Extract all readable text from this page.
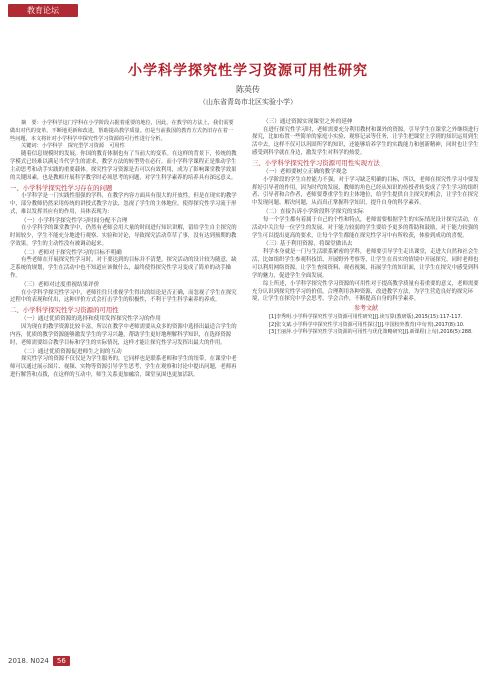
教育论坛
小学科学探究性学习资源可用性研究
陈英传
（山东省青岛市北区实验小学）

摘　要：小学科学这门学科在小学阶段占据着重要的地位，因此，在教学的方法上，我们需要做出对代的变革。不断地更新和改进，帮助提高教学质量。但是当前我国的教育方式仍旧存在着一些问题，本文将针对小学科学中探究性学习资源的可行性进行分析。

关键词：小学科学　探究型学习资源　可用性

随着信息规模时的发展，你国的教育体制也有了当前大的变革。在这样的背景下，传统的教学模式已经难以满足当代学生的需求，教学方法的转型势在必行。而小学科学课程正是推动学生主动思考和动手实践的重要载体。探究性学习资源是否可以有效利用，成为了影响课堂教学效果的关键因素，也是教师开展科学教学时必须思考的问题，对学生科学素养的培养具有深远意义。

一、小学科学探究性学习存在的问题

小学科学是一门实践性很强的学科，在教学内容方面具有很大的开放性，但是在现实的教学中，部分教师仍然采用传统的讲授式教学方法，忽视了学生的主体地位，使得探究性学习流于形式，难以发挥其应有的作用，具体表现为：

（一）小学科学探究性学习时间分配不合理

在小学科学的课堂教学中，仍然有老师会用大量的时间进行知识讲解，留给学生自主探究的时间较少，学生不能充分地进行观察、实验和讨论，导致探究活动草草了事，没有达到预期的教学效果，学生的主动性没有被调动起来。

（二）老师对于探究性学习的目标不明确

有些老师在开展探究性学习时，对于要达到的目标并不清楚，探究活动的设计较为随意，缺乏系统的规划，学生在活动中也不知道应该做什么，最终使得探究性学习变成了简单的动手操作。

（三）老师对过度重视结果评价

在小学科学探究性学习中，老师往往只重视学生得出的结论是否正确，而忽视了学生在探究过程中的表现和付出，这种评价方式会打击学生的积极性，不利于学生科学素养的养成。

二、小学科学探究性学习资源的可用性

（一）通过优质资源的选择和使用发挥探究性学习的作用

因为现在的教学资源比较丰富，所以在教学中老师需要从众多的资源中选择出最适合学生的内容，优质的教学资源能够激发学生的学习兴趣，帮助学生更好地理解科学知识，在选择资源时，老师需要结合教学目标和学生的实际情况，这样才能让探究性学习发挥出最大的作用。

（二）通过优质资源促进师生之间的互动

探究性学习的资源不仅仅是为学生服务的，它同样也是联系老师和学生的纽带，在课堂中老师可以通过展示图片、视频、实物等资源引导学生思考，学生在观察和讨论中提出问题，老师再进行解答和点拨，在这样的互动中，师生关系更加融洽，课堂氛围也更加活跃。

（三）通过资源实现课堂之外的延伸

在进行探究性学习时，老师需要充分利用教材和课外的资源，引导学生在课堂之外继续进行探究，比如布置一些简单的家庭小实验、观察记录等任务，让学生把课堂上学到的知识运用到生活中去，这样不仅可以巩固所学的知识，还能够培养学生的实践能力和创新精神，同时也让学生感受到科学就在身边，激发学生对科学的热爱。

三、小学科学探究性学习资源可用性实现方法

（一）老师要树立正确的教学观念

小学阶段的学生自控能力不强，对于学习缺乏明确的目标，所以，老师在探究性学习中要发挥好引导者的作用，因为时代的发展，教师的角色已经从知识的传授者转变成了学生学习的组织者、引导者和合作者，老师要尊重学生的主体地位，给学生提供自主探究的机会，让学生在探究中发现问题、解决问题，从而真正掌握科学知识，提升自身的科学素养。

（二）直接告诉小学阶段科学探究的实际

每一个学生都有着属于自己的个性和特点，老师需要根据学生的实际情况设计探究活动，在活动中关注每一位学生的发展，对于能力较弱的学生要给予更多的帮助和鼓励，对于能力较强的学生可以提出更高的要求，让每个学生都能在探究性学习中有所收获，体验到成功的喜悦。

（三）基于利用资源，将课堂做出去

科学本身就是一门与生活联系紧密的学科，老师要引导学生走出课堂，走进大自然和社会生活，比如组织学生参观科技馆、开展野外考察等，让学生在真实的情境中开展探究，同时老师也可以利用网络资源，让学生查阅资料、观看视频，拓展学生的知识面，让学生在探究中感受到科学的魅力，促进学生全面发展。

综上所述，小学科学探究性学习资源的可用性对于提高教学质量有着重要的意义，老师需要充分认识到探究性学习的价值，合理利用各种资源，改进教学方法，为学生营造良好的探究环境，让学生在探究中学会思考、学会合作，不断提高自身的科学素养。

参考文献

[1]李秀明.小学科学探究性学习资源可用性研究[J].读写算(教研版),2015(15):117-117.

[2]张文斌.小学科学中探究性学习资源可用性探讨[J].中国校外教育(中旬刊),2017(8):10.

[3]王丽萍.小学科学探究性学习资源的可用性与优化策略研究[J].新课程(上旬),2016(5):288.

2018. N024	56
